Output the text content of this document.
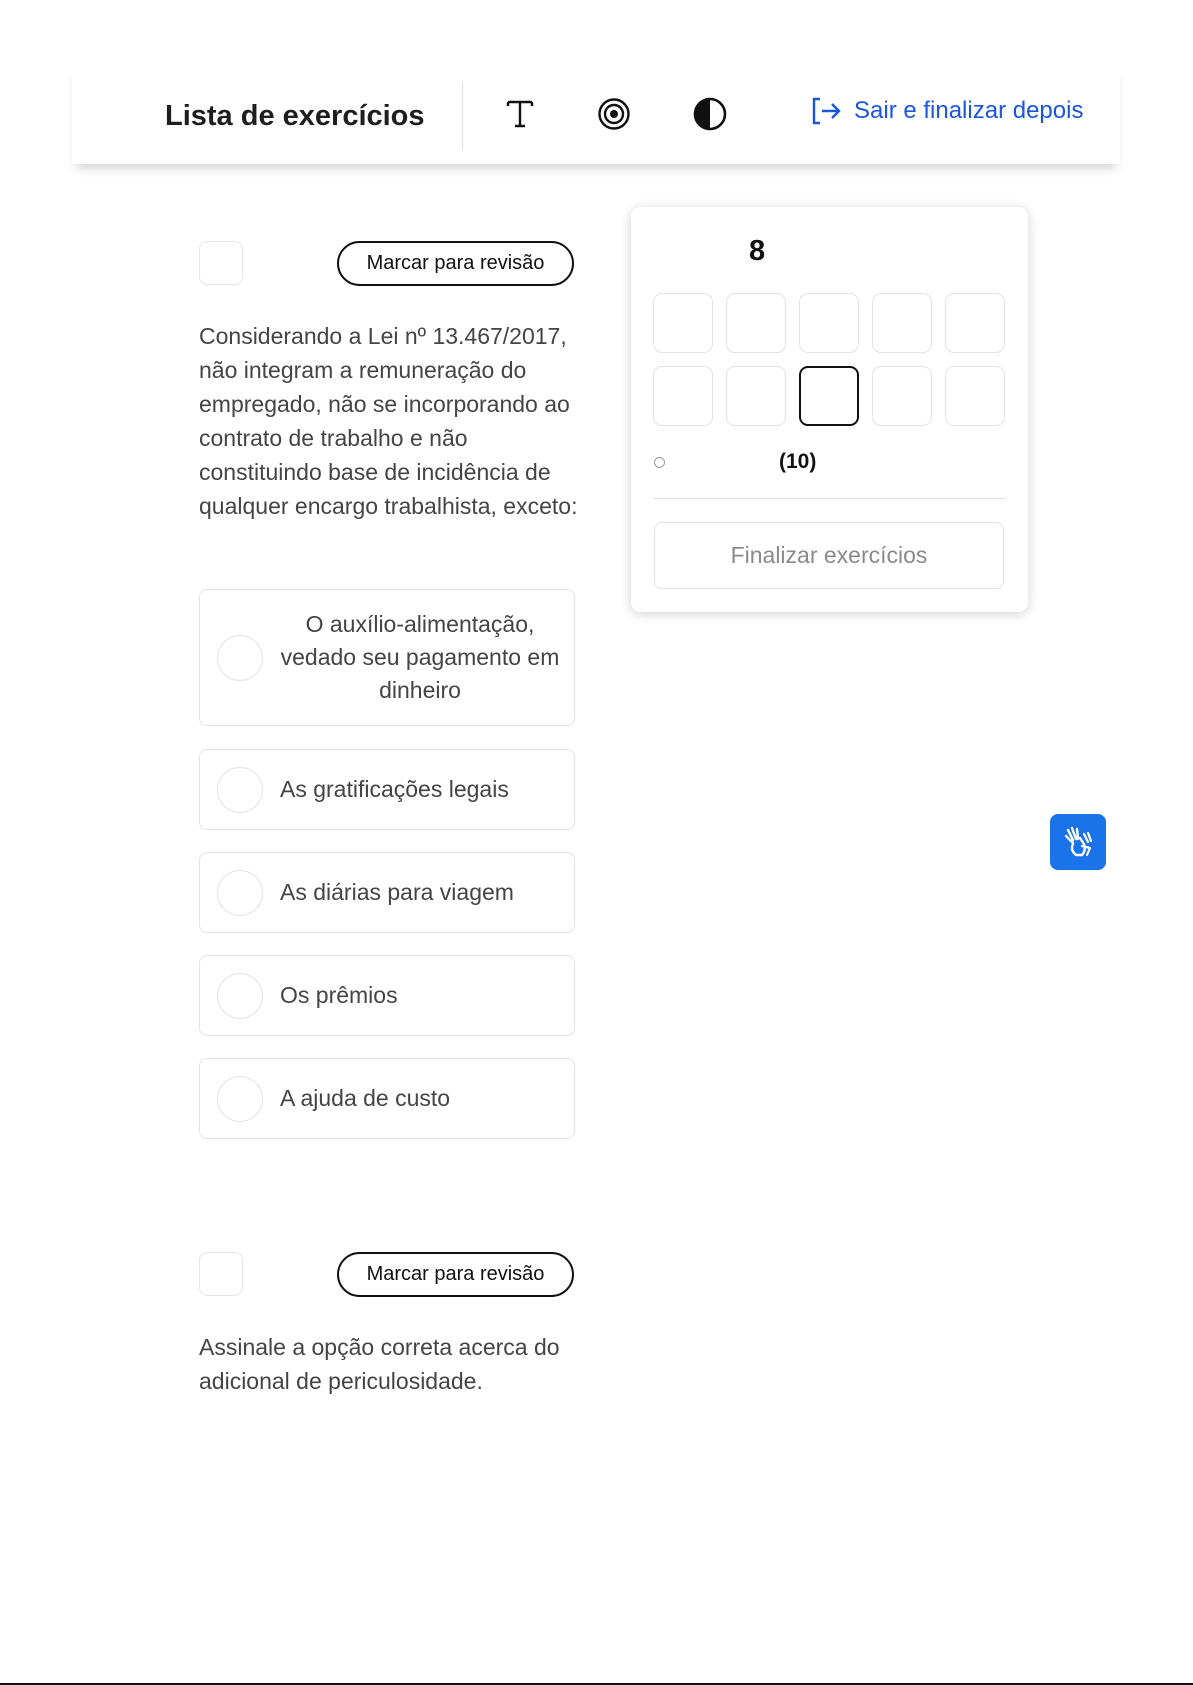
Lista de exercícios	Sair e finalizar depois
Marcar para revisão
Considerando a Lei nº 13.467/2017, não integram a remuneração do empregado, não se incorporando ao contrato de trabalho e não constituindo base de incidência de qualquer encargo trabalhista, exceto:
O auxílio-alimentação, vedado seu pagamento em dinheiro
As gratificações legais
As diárias para viagem
Os prêmios
A ajuda de custo
Marcar para revisão
Assinale a opção correta acerca do adicional de periculosidade.
8
(10)
Finalizar exercícios
